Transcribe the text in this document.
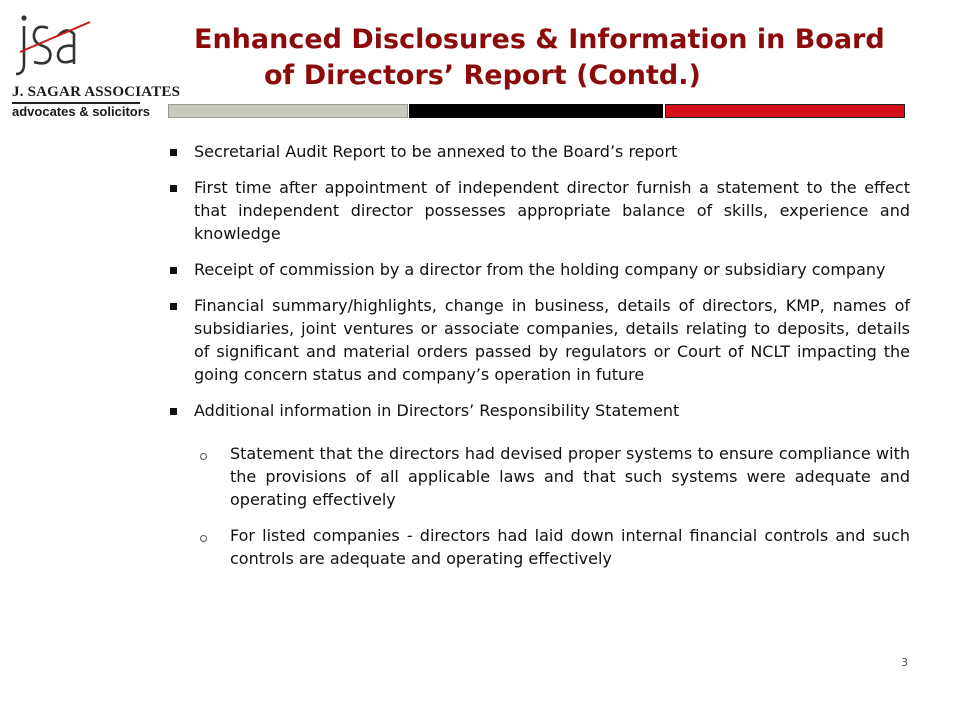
J. SAGAR ASSOCIATES
advocates & solicitors
Enhanced Disclosures & Information in Board
of Directors’ Report (Contd.)
Secretarial Audit Report to be annexed to the Board’s report
First time after appointment of independent director furnish a statement to the effect that independent director possesses appropriate balance of skills, experience and knowledge
Receipt of commission by a director from the holding company or subsidiary company
Financial summary/highlights, change in business, details of directors, KMP, names of subsidiaries, joint ventures or associate companies, details relating to deposits, details of significant and material orders passed by regulators or Court of NCLT impacting the going concern status and company’s operation in future
Additional information in Directors’ Responsibility Statement
Statement that the directors had devised proper systems to ensure compliance with the provisions of all applicable laws and that such systems were adequate and operating effectively
For listed companies - directors had laid down internal financial controls and such controls are adequate and operating effectively
3
